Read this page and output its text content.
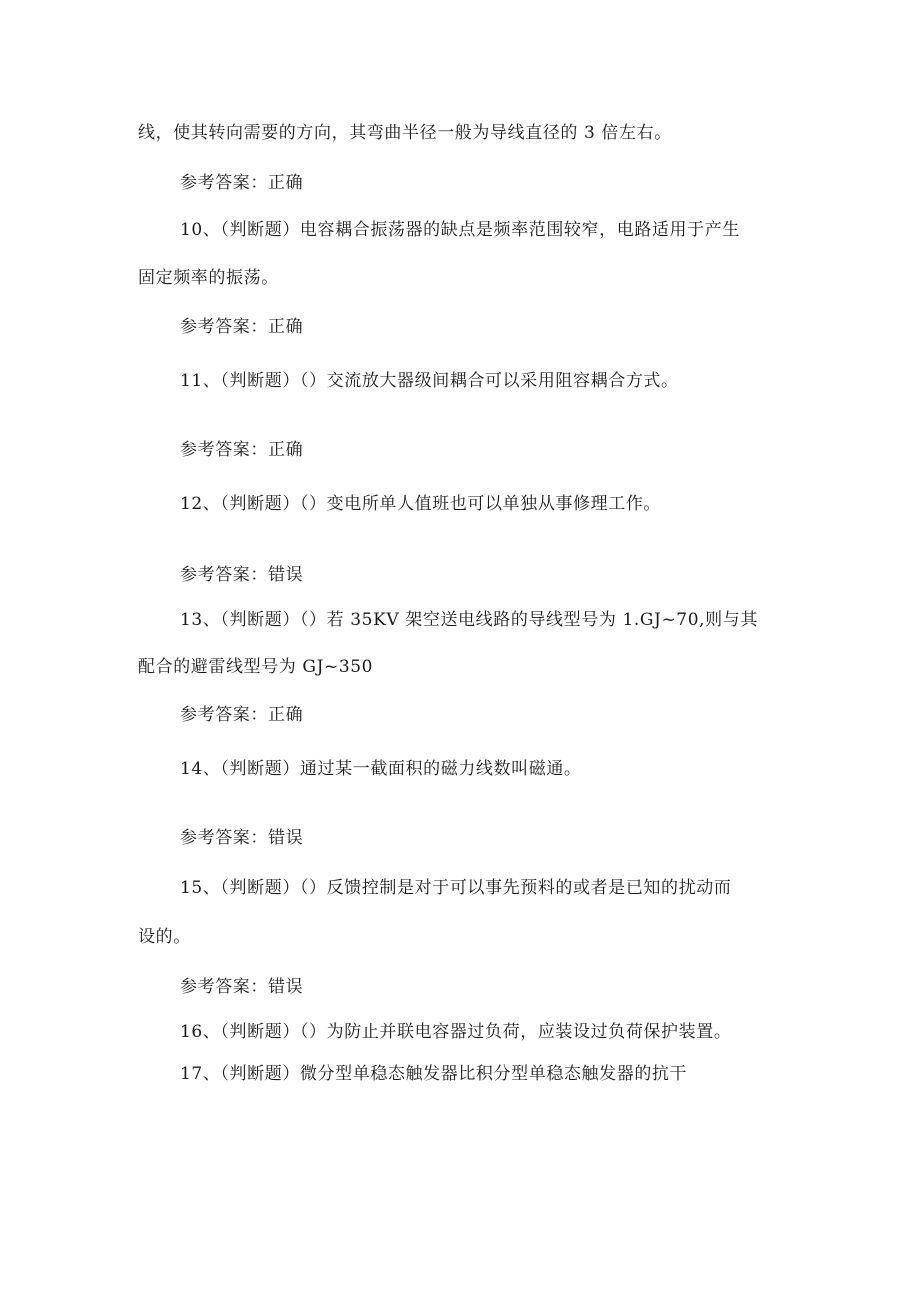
线，使其转向需要的方向，其弯曲半径一般为导线直径的 3 倍左右。
参考答案：正确
10、（判断题）电容耦合振荡器的缺点是频率范围较窄，电路适用于产生
固定频率的振荡。
参考答案：正确
11、（判断题）（）交流放大器级间耦合可以采用阻容耦合方式。
参考答案：正确
12、（判断题）（）变电所单人值班也可以单独从事修理工作。
参考答案：错误
13、（判断题）（）若 35KV 架空送电线路的导线型号为 1.GJ~70,则与其
配合的避雷线型号为 GJ~350
参考答案：正确
14、（判断题）通过某一截面积的磁力线数叫磁通。
参考答案：错误
15、（判断题）（）反馈控制是对于可以事先预料的或者是已知的扰动而
设的。
参考答案：错误
16、（判断题）（）为防止并联电容器过负荷，应装设过负荷保护装置。
17、（判断题）微分型单稳态触发器比积分型单稳态触发器的抗干
